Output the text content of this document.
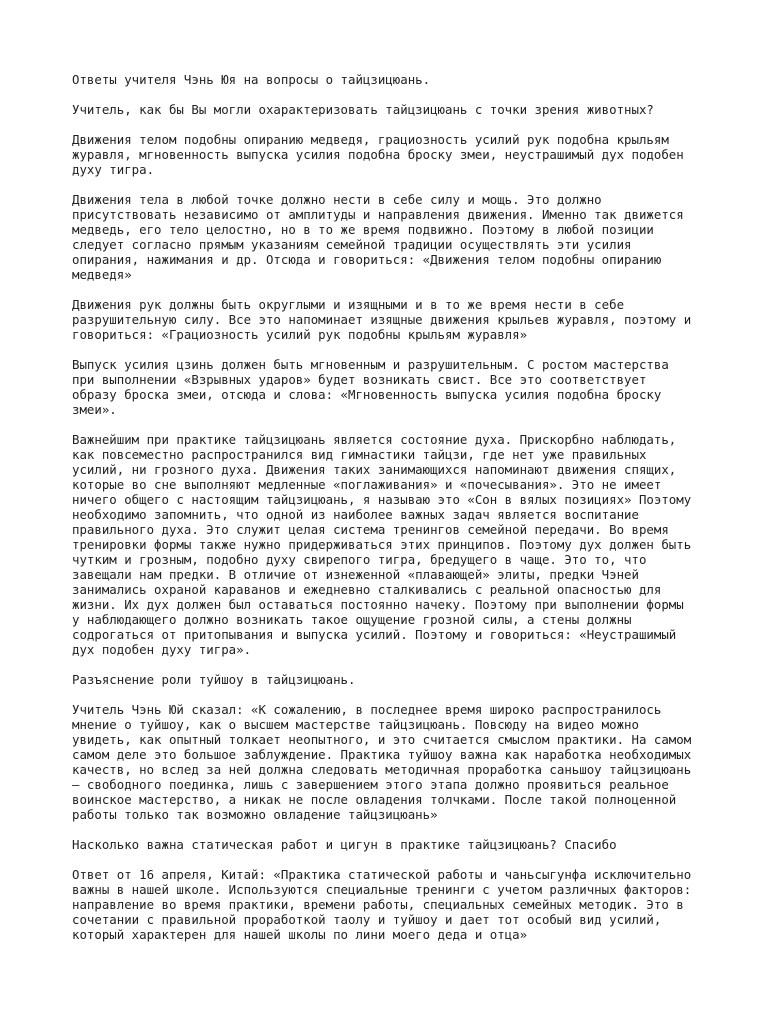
Ответы учителя Чэнь Юя на вопросы о тайцзицюань.

Учитель, как бы Вы могли охарактеризовать тайцзицюань с точки зрения животных?

Движения телом подобны опиранию медведя, грациозность усилий рук подобна крыльям
журавля, мгновенность выпуска усилия подобна броску змеи, неустрашимый дух подобен
духу тигра.

Движения тела в любой точке должно нести в себе силу и мощь. Это должно
присутствовать независимо от амплитуды и направления движения. Именно так движется
медведь, его тело целостно, но в то же время подвижно. Поэтому в любой позиции
следует согласно прямым указаниям семейной традиции осуществлять эти усилия
опирания, нажимания и др. Отсюда и говориться: «Движения телом подобны опиранию
медведя»

Движения рук должны быть округлыми и изящными и в то же время нести в себе
разрушительную силу. Все это напоминает изящные движения крыльев журавля, поэтому и
говориться: «Грациозность усилий рук подобны крыльям журавля»

Выпуск усилия цзинь должен быть мгновенным и разрушительным. С ростом мастерства
при выполнении «Взрывных ударов» будет возникать свист. Все это соответствует
образу броска змеи, отсюда и слова: «Мгновенность выпуска усилия подобна броску
змеи».

Важнейшим при практике тайцзицюань является состояние духа. Прискорбно наблюдать,
как повсеместно распространился вид гимнастики тайцзи, где нет уже правильных
усилий, ни грозного духа. Движения таких занимающихся напоминают движения спящих,
которые во сне выполняют медленные «поглаживания» и «почесывания». Это не имеет
ничего общего с настоящим тайцзицюань, я называю это «Сон в вялых позициях» Поэтому
необходимо запомнить, что одной из наиболее важных задач является воспитание
правильного духа. Это служит целая система тренингов семейной передачи. Во время
тренировки формы также нужно придерживаться этих принципов. Поэтому дух должен быть
чутким и грозным, подобно духу свирепого тигра, бредущего в чаще. Это то, что
завещали нам предки. В отличие от изнеженной «плавающей» элиты, предки Чэней
занимались охраной караванов и ежедневно сталкивались с реальной опасностью для
жизни. Их дух должен был оставаться постоянно начеку. Поэтому при выполнении формы
у наблюдающего должно возникать такое ощущение грозной силы, а стены должны
содрогаться от притопывания и выпуска усилий. Поэтому и говориться: «Неустрашимый
дух подобен духу тигра».

Разъяснение роли туйшоу в тайцзицюань.

Учитель Чэнь Юй сказал: «К сожалению, в последнее время широко распространилось
мнение о туйшоу, как о высшем мастерстве тайцзицюань. Повсюду на видео можно
увидеть, как опытный толкает неопытного, и это считается смыслом практики. На самом
самом деле это большое заблуждение. Практика туйшоу важна как наработка необходимых
качеств, но вслед за ней должна следовать методичная проработка саньшоу тайцзицюань
– свободного поединка, лишь с завершением этого этапа должно проявиться реальное
воинское мастерство, а никак не после овладения толчками. После такой полноценной
работы только так возможно овладение тайцзицюань»

Насколько важна статическая работ и цигун в практике тайцзицюань? Спасибо

Ответ от 16 апреля, Китай: «Практика статической работы и чаньсыгунфа исключительно
важны в нашей школе. Используются специальные тренинги с учетом различных факторов:
направление во время практики, времени работы, специальных семейных методик. Это в
сочетании с правильной проработкой таолу и туйшоу и дает тот особый вид усилий,
который характерен для нашей школы по лини моего деда и отца»
